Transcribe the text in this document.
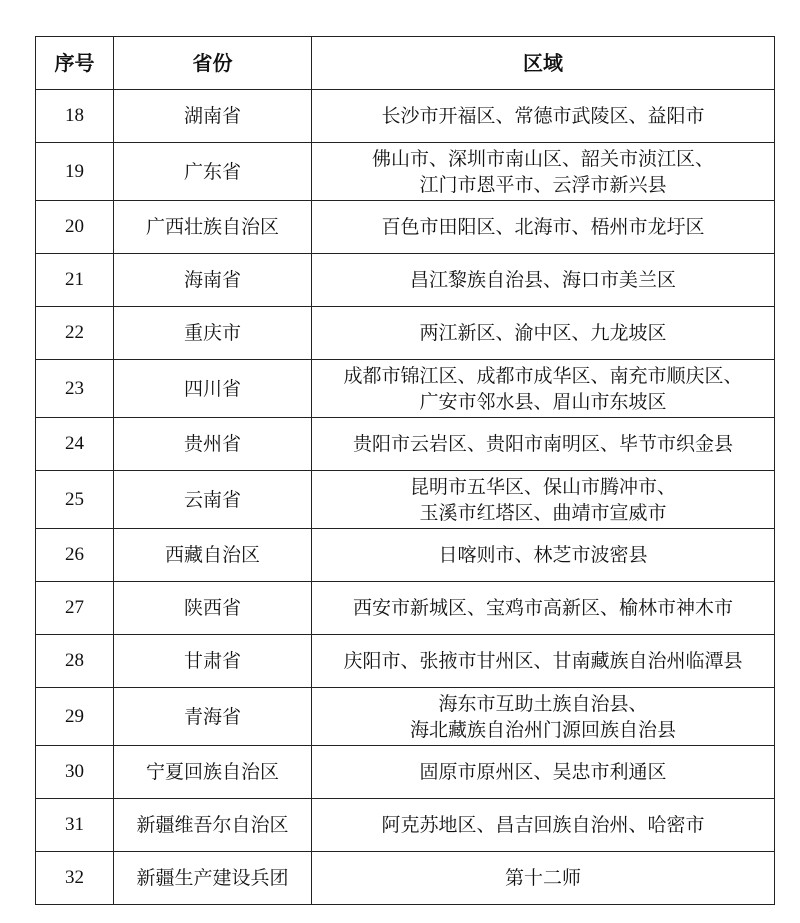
序号	省份	区域
18	湖南省	长沙市开福区、常德市武陵区、益阳市

19	广东省	佛山市、深圳市南山区、韶关市浈江区、
江门市恩平市、云浮市新兴县

20	广西壮族自治区	百色市田阳区、北海市、梧州市龙圩区

21	海南省	昌江黎族自治县、海口市美兰区

22	重庆市	两江新区、渝中区、九龙坡区

23	四川省	成都市锦江区、成都市成华区、南充市顺庆区、
广安市邻水县、眉山市东坡区

24	贵州省	贵阳市云岩区、贵阳市南明区、毕节市织金县

25	云南省	昆明市五华区、保山市腾冲市、
玉溪市红塔区、曲靖市宣威市

26	西藏自治区	日喀则市、林芝市波密县

27	陕西省	西安市新城区、宝鸡市高新区、榆林市神木市

28	甘肃省	庆阳市、张掖市甘州区、甘南藏族自治州临潭县

29	青海省	海东市互助土族自治县、
海北藏族自治州门源回族自治县

30	宁夏回族自治区	固原市原州区、吴忠市利通区

31	新疆维吾尔自治区	阿克苏地区、昌吉回族自治州、哈密市

32	新疆生产建设兵团	第十二师
